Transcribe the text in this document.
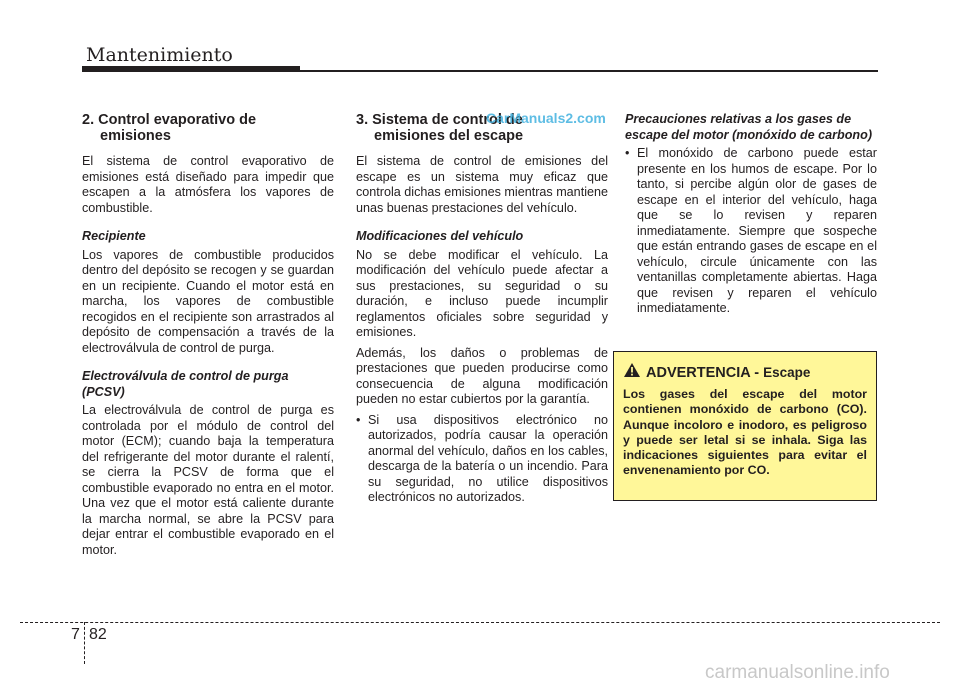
Mantenimiento
2. Control evaporativo de
emisiones

El sistema de control evaporativo de emisiones está diseñado para impedir que escapen a la atmósfera los vapores de combustible.

Recipiente

Los vapores de combustible producidos dentro del depósito se recogen y se guardan en un recipiente. Cuando el motor está en marcha, los vapores de combustible recogidos en el recipiente son arrastrados al depósito de compensación a través de la electroválvula de control de purga.

Electroválvula de control de purga (PCSV)

La electroválvula de control de purga es controlada por el módulo de control del motor (ECM); cuando baja la temperatura del refrigerante del motor durante el ralentí, se cierra la PCSV de forma que el combustible evaporado no entra en el motor. Una vez que el motor está caliente durante la marcha normal, se abre la PCSV para dejar entrar el combustible evaporado en el motor.

3. Sistema de control de
emisiones del escape

El sistema de control de emisiones del escape es un sistema muy eficaz que controla dichas emisiones mientras mantiene unas buenas prestaciones del vehículo.

Modificaciones del vehículo

No se debe modificar el vehículo. La modificación del vehículo puede afectar a sus prestaciones, su seguridad o su duración, e incluso puede incumplir reglamentos oficiales sobre seguridad y emisiones.

Además, los daños o problemas de prestaciones que pueden producirse como consecuencia de alguna modificación pueden no estar cubiertos por la garantía.

• Si usa dispositivos electrónico no autorizados, podría causar la operación anormal del vehículo, daños en los cables, descarga de la batería o un incendio. Para su seguridad, no utilice dispositivos electrónicos no autorizados.
Precauciones relativas a los gases de escape del motor (monóxido de carbono)
• El monóxido de carbono puede estar presente en los humos de escape. Por lo tanto, si percibe algún olor de gases de escape en el interior del vehículo, haga que se lo revisen y reparen inmediatamente. Siempre que sospeche que están entrando gases de escape en el vehículo, circule únicamente con las ventanillas completamente abiertas. Haga que revisen y reparen el vehículo inmediatamente.
ADVERTENCIA -
Escape
Los gases del escape del motor contienen monóxido de carbono (CO). Aunque incoloro e inodoro, es peligroso y puede ser letal si se inhala. Siga las indicaciones siguientes para evitar el envenenamiento por CO.
7 82
CarManuals2.com
carmanualsonline.info
